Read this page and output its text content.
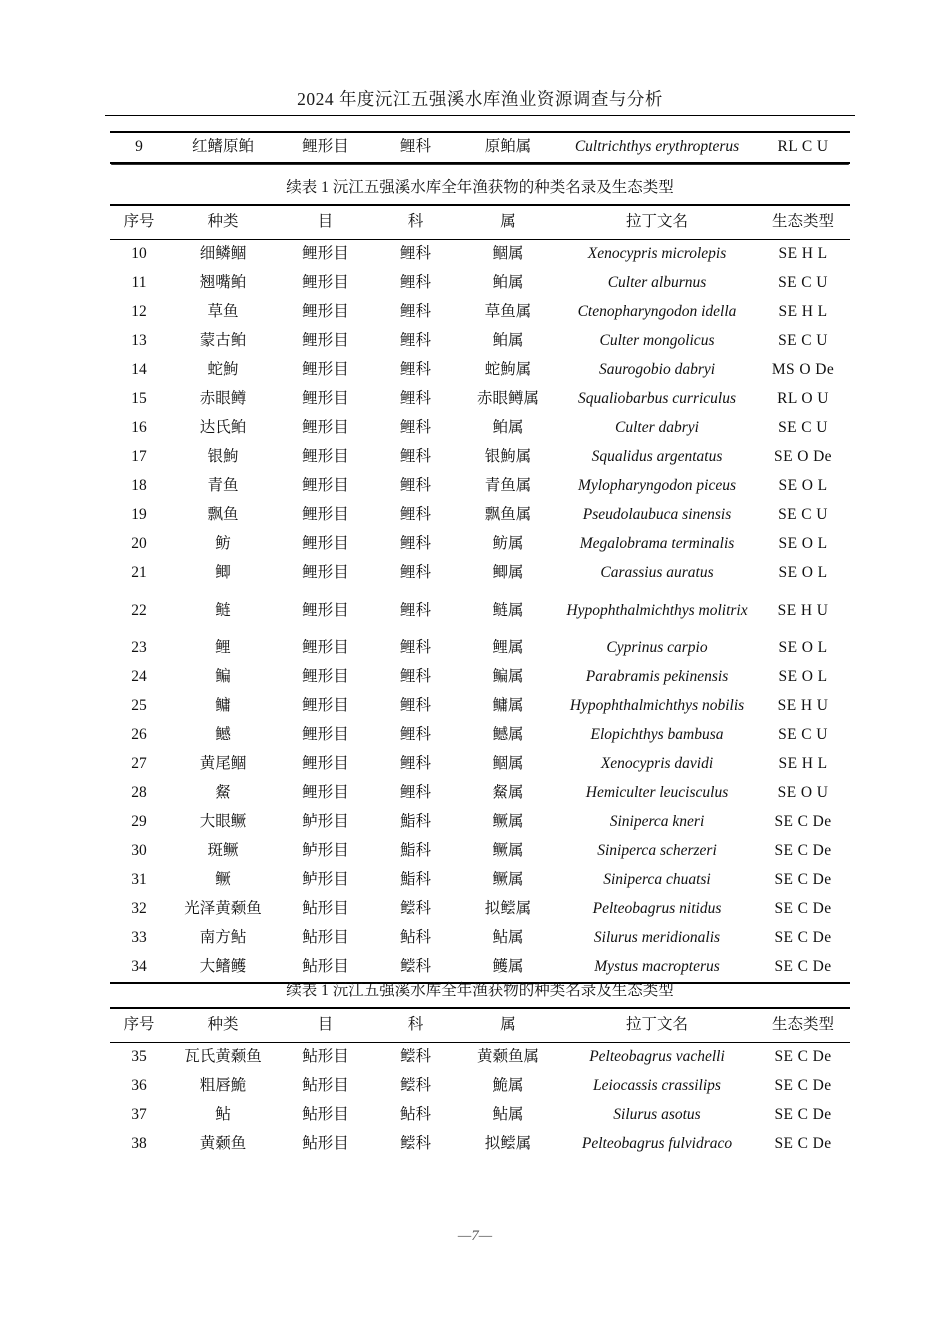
2024 年度沅江五强溪水库渔业资源调查与分析
9	红鳍原鲌	鲤形目	鲤科	原鲌属	Cultrichthys erythropterus	RL C U
续表 1 沅江五强溪水库全年渔获物的种类名录及生态类型						
序号	种类	目	科	属	拉丁文名	生态类型
10	细鳞鲴	鲤形目	鲤科	鲴属	Xenocypris microlepis	SE H L
11	翘嘴鲌	鲤形目	鲤科	鲌属	Culter alburnus	SE C U
12	草鱼	鲤形目	鲤科	草鱼属	Ctenopharyngodon idella	SE H L
13	蒙古鲌	鲤形目	鲤科	鲌属	Culter mongolicus	SE C U
14	蛇鮈	鲤形目	鲤科	蛇鮈属	Saurogobio dabryi	MS O De
15	赤眼鳟	鲤形目	鲤科	赤眼鳟属	Squaliobarbus curriculus	RL O U
16	达氏鲌	鲤形目	鲤科	鲌属	Culter dabryi	SE C U
17	银鮈	鲤形目	鲤科	银鮈属	Squalidus argentatus	SE O De
18	青鱼	鲤形目	鲤科	青鱼属	Mylopharyngodon piceus	SE O L
19	飘鱼	鲤形目	鲤科	飘鱼属	Pseudolaubuca sinensis	SE C U
20	鲂	鲤形目	鲤科	鲂属	Megalobrama terminalis	SE O L
21	鲫	鲤形目	鲤科	鲫属	Carassius auratus	SE O L
22	鲢	鲤形目	鲤科	鲢属	Hypophthalmichthys molitrix	SE H U
23	鲤	鲤形目	鲤科	鲤属	Cyprinus carpio	SE O L
24	鳊	鲤形目	鲤科	鳊属	Parabramis pekinensis	SE O L
25	鳙	鲤形目	鲤科	鳙属	Hypophthalmichthys nobilis	SE H U
26	鳡	鲤形目	鲤科	鳡属	Elopichthys bambusa	SE C U
27	黄尾鲴	鲤形目	鲤科	鲴属	Xenocypris davidi	SE H L
28	䱗	鲤形目	鲤科	䱗属	Hemiculter leucisculus	SE O U
29	大眼鳜	鲈形目	鮨科	鳜属	Siniperca kneri	SE C De
30	斑鳜	鲈形目	鮨科	鳜属	Siniperca scherzeri	SE C De
31	鳜	鲈形目	鮨科	鳜属	Siniperca chuatsi	SE C De
32	光泽黄颡鱼	鲇形目	鲿科	拟鲿属	Pelteobagrus nitidus	SE C De
33	南方鲇	鲇形目	鲇科	鲇属	Silurus meridionalis	SE C De
34	大鳍鳠	鲇形目	鲿科	鳠属	Mystus macropterus	SE C De
续表 1 沅江五强溪水库全年渔获物的种类名录及生态类型						
序号	种类	目	科	属	拉丁文名	生态类型
35	瓦氏黄颡鱼	鲇形目	鲿科	黄颡鱼属	Pelteobagrus vachelli	SE C De
36	粗唇鮠	鲇形目	鲿科	鮠属	Leiocassis crassilips	SE C De
37	鲇	鲇形目	鲇科	鲇属	Silurus asotus	SE C De
38	黄颡鱼	鲇形目	鲿科	拟鲿属	Pelteobagrus fulvidraco	SE C De
—7—
